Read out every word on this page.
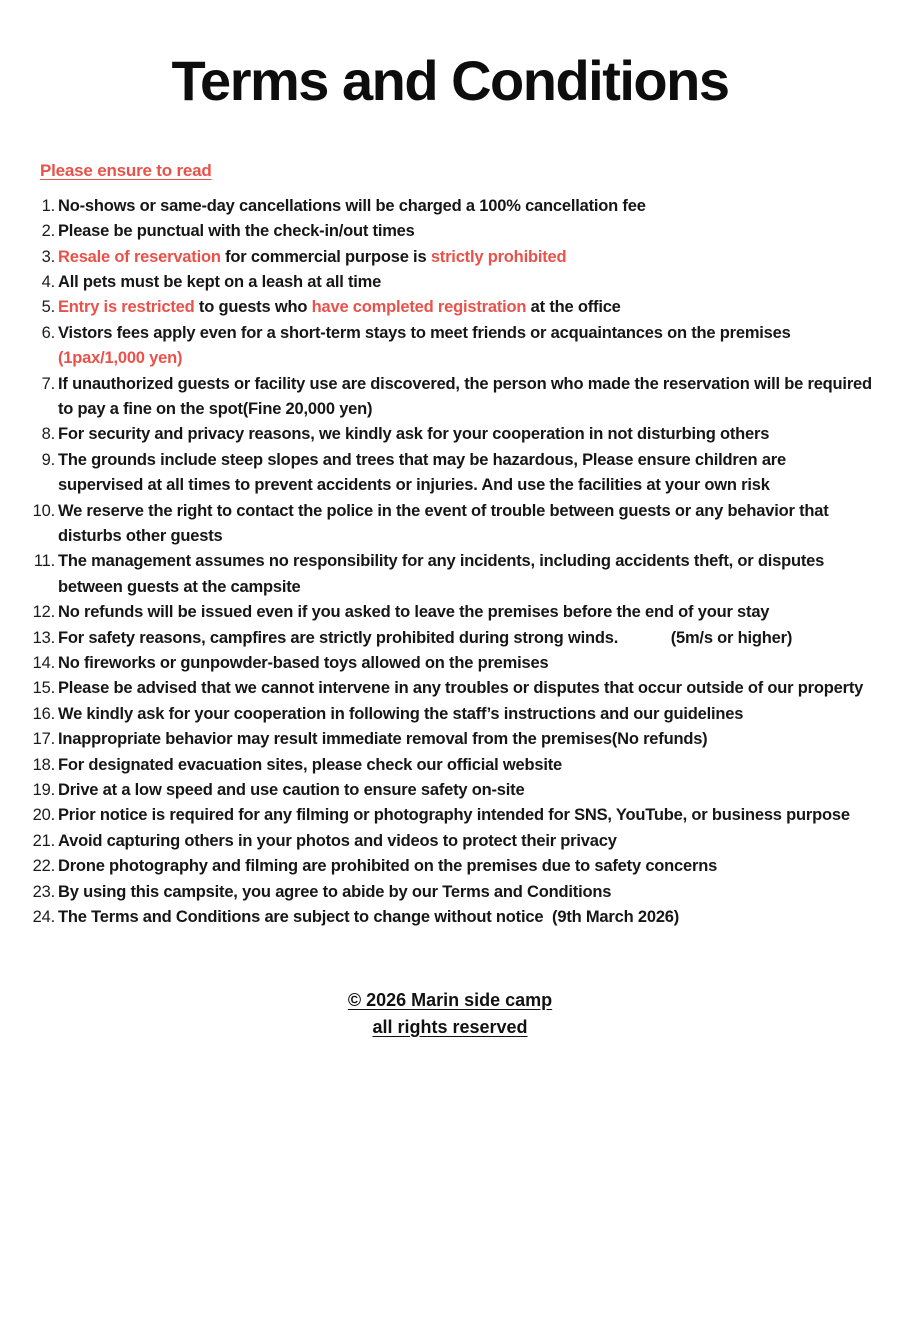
Terms and Conditions
Please ensure to read
1. No-shows or same-day cancellations will be charged a 100% cancellation fee
2. Please be punctual with the check-in/out times
3. Resale of reservation for commercial purpose is strictly prohibited
4. All pets must be kept on a leash at all time
5. Entry is restricted to guests who have completed registration at the office
6. Vistors fees apply even for a short-term stays to meet friends or acquaintances on the premises    (1pax/1,000 yen)
7. If unauthorized guests or facility use are discovered, the person who made the reservation will be required to pay a fine on the spot(Fine 20,000 yen)
8. For security and privacy reasons, we kindly ask for your cooperation in not disturbing others
9. The grounds include steep slopes and trees that may be hazardous, Please ensure children are supervised at all times to prevent accidents or injuries. And use the facilities at your own risk
10. We reserve the right to contact the police in the event of trouble between guests or any behavior that disturbs other guests
11. The management assumes no responsibility for any incidents, including accidents theft, or disputes between guests at the campsite
12. No refunds will be issued even if you asked to leave the premises before the end of your stay
13. For safety reasons, campfires are strictly prohibited during strong winds.            (5m/s or higher)
14. No fireworks or gunpowder-based toys allowed on the premises
15. Please be advised that we cannot intervene in any troubles or disputes that occur outside of our property
16. We kindly ask for your cooperation in following the staff’s instructions and our guidelines
17. Inappropriate behavior may result immediate removal from the premises(No refunds)
18. For designated evacuation sites, please check our official website
19. Drive at a low speed and use caution to ensure safety on-site
20. Prior notice is required for any filming or photography intended for SNS, YouTube, or business purpose
21. Avoid capturing others in your photos and videos to protect their privacy
22. Drone photography and filming are prohibited on the premises due to safety concerns
23. By using this campsite, you agree to abide by our Terms and Conditions
24. The Terms and Conditions are subject to change without notice  (9th March 2026)
© 2026 Marin side camp
all rights reserved
